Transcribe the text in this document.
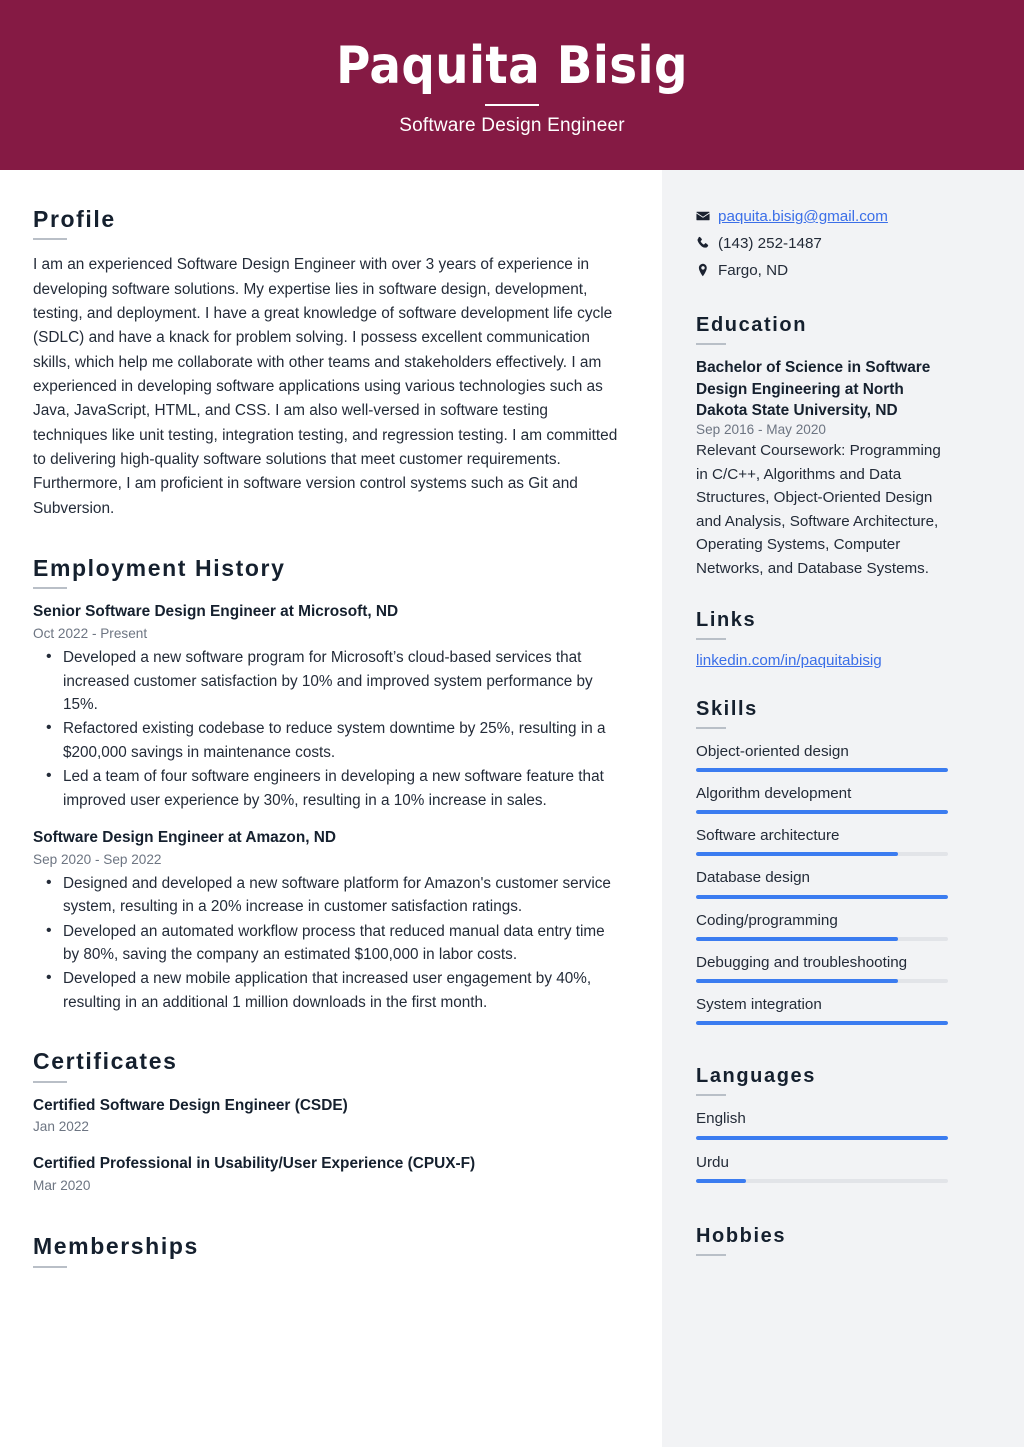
Paquita Bisig
Software Design Engineer
Profile

I am an experienced Software Design Engineer with over 3 years of experience in developing software solutions. My expertise lies in software design, development, testing, and deployment. I have a great knowledge of software development life cycle (SDLC) and have a knack for problem solving. I possess excellent communication skills, which help me collaborate with other teams and stakeholders effectively. I am experienced in developing software applications using various technologies such as Java, JavaScript, HTML, and CSS. I am also well-versed in software testing techniques like unit testing, integration testing, and regression testing. I am committed to delivering high-quality software solutions that meet customer requirements. Furthermore, I am proficient in software version control systems such as Git and Subversion.

Employment History
Senior Software Design Engineer at Microsoft, ND
Oct 2022 - Present
• Developed a new software program for Microsoft’s cloud-based services that increased customer satisfaction by 10% and improved system performance by 15%.
• Refactored existing codebase to reduce system downtime by 25%, resulting in a $200,000 savings in maintenance costs.
• Led a team of four software engineers in developing a new software feature that improved user experience by 30%, resulting in a 10% increase in sales.
Software Design Engineer at Amazon, ND
Sep 2020 - Sep 2022
• Designed and developed a new software platform for Amazon's customer service system, resulting in a 20% increase in customer satisfaction ratings.
• Developed an automated workflow process that reduced manual data entry time by 80%, saving the company an estimated $100,000 in labor costs.
• Developed a new mobile application that increased user engagement by 40%, resulting in an additional 1 million downloads in the first month.
Certificates
Certified Software Design Engineer (CSDE)
Jan 2022
Certified Professional in Usability/User Experience (CPUX-F)
Mar 2020
Memberships
paquita.bisig@gmail.com
(143) 252-1487
Fargo, ND
Education
Bachelor of Science in Software Design Engineering at North Dakota State University, ND
Sep 2016 - May 2020
Relevant Coursework: Programming in C/C++, Algorithms and Data Structures, Object-Oriented Design and Analysis, Software Architecture, Operating Systems, Computer Networks, and Database Systems.
Links
linkedin.com/in/paquitabisig
Skills
Object-oriented design
Algorithm development
Software architecture
Database design
Coding/programming
Debugging and troubleshooting
System integration
Languages
English
Urdu
Hobbies
